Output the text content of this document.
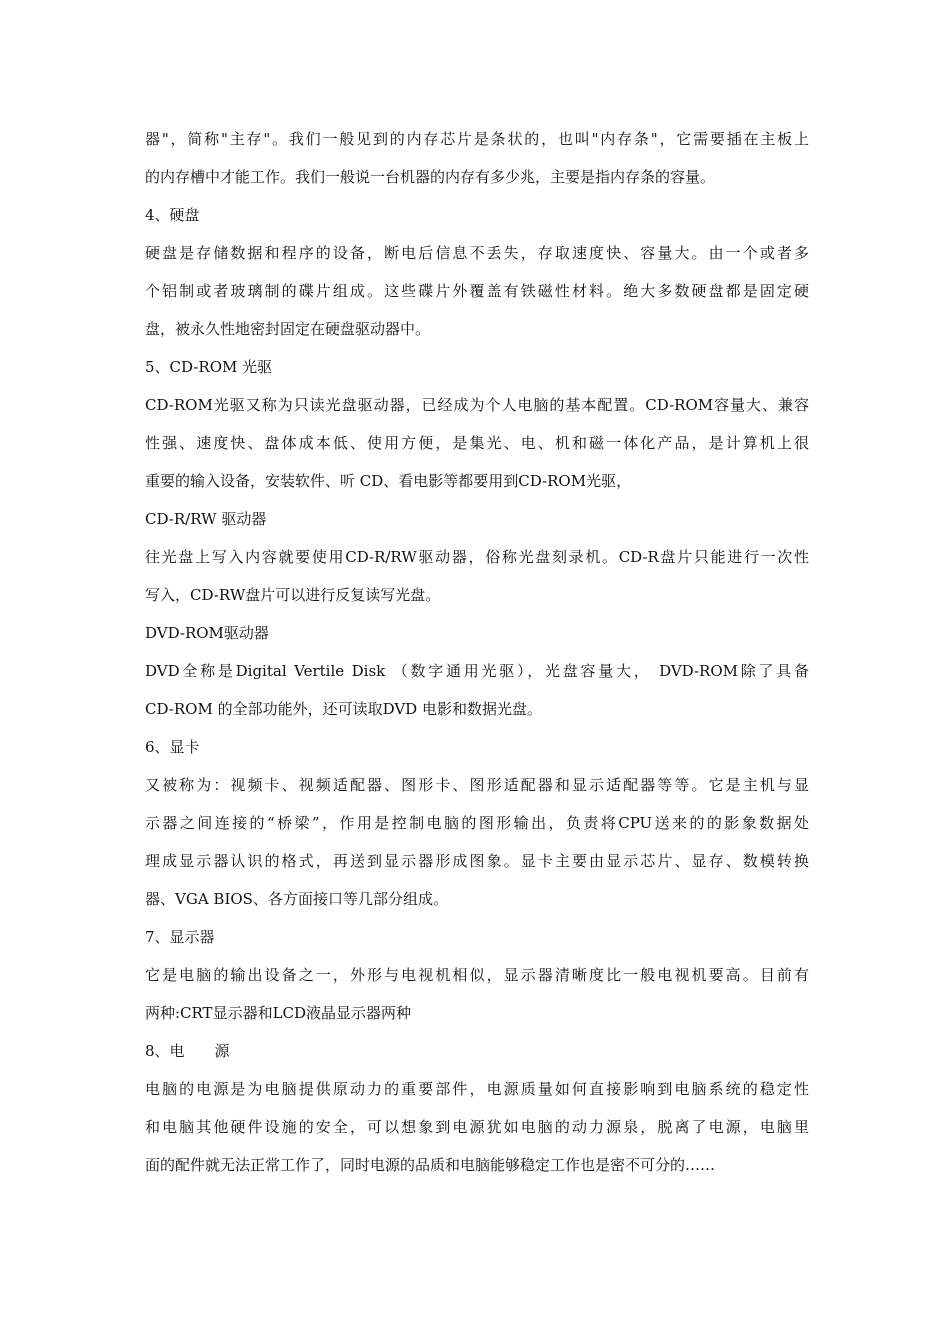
器"，简称"主存"。我们一般见到的内存芯片是条状的，也叫"内存条"，它需要插在主板上
的内存槽中才能工作。我们一般说一台机器的内存有多少兆，主要是指内存条的容量。
4、硬盘
硬盘是存储数据和程序的设备，断电后信息不丢失，存取速度快、容量大。由一个或者多
个铝制或者玻璃制的碟片组成。这些碟片外覆盖有铁磁性材料。绝大多数硬盘都是固定硬
盘，被永久性地密封固定在硬盘驱动器中。
5、CD-ROM 光驱
CD-ROM光驱又称为只读光盘驱动器，已经成为个人电脑的基本配置。CD-ROM容量大、兼容
性强、速度快、盘体成本低、使用方便，是集光、电、机和磁一体化产品，是计算机上很
重要的输入设备，安装软件、听 CD、看电影等都要用到CD-ROM光驱，
CD-R/RW 驱动器
往光盘上写入内容就要使用CD-R/RW驱动器，俗称光盘刻录机。CD-R盘片只能进行一次性
写入，CD-RW盘片可以进行反复读写光盘。
DVD-ROM驱动器
DVD全称是Digital Vertile Disk （数字通用光驱），光盘容量大， DVD-ROM除了具备
CD-ROM 的全部功能外，还可读取DVD 电影和数据光盘。
6、显卡
又被称为：视频卡、视频适配器、图形卡、图形适配器和显示适配器等等。它是主机与显
示器之间连接的“桥梁”，作用是控制电脑的图形输出，负责将CPU送来的的影象数据处
理成显示器认识的格式，再送到显示器形成图象。显卡主要由显示芯片、显存、数模转换
器、VGA BIOS、各方面接口等几部分组成。
7、显示器
它是电脑的输出设备之一，外形与电视机相似，显示器清晰度比一般电视机要高。目前有
两种:CRT显示器和LCD液晶显示器两种
8、电　　源
电脑的电源是为电脑提供原动力的重要部件，电源质量如何直接影响到电脑系统的稳定性
和电脑其他硬件设施的安全，可以想象到电源犹如电脑的动力源泉，脱离了电源，电脑里
面的配件就无法正常工作了，同时电源的品质和电脑能够稳定工作也是密不可分的……
